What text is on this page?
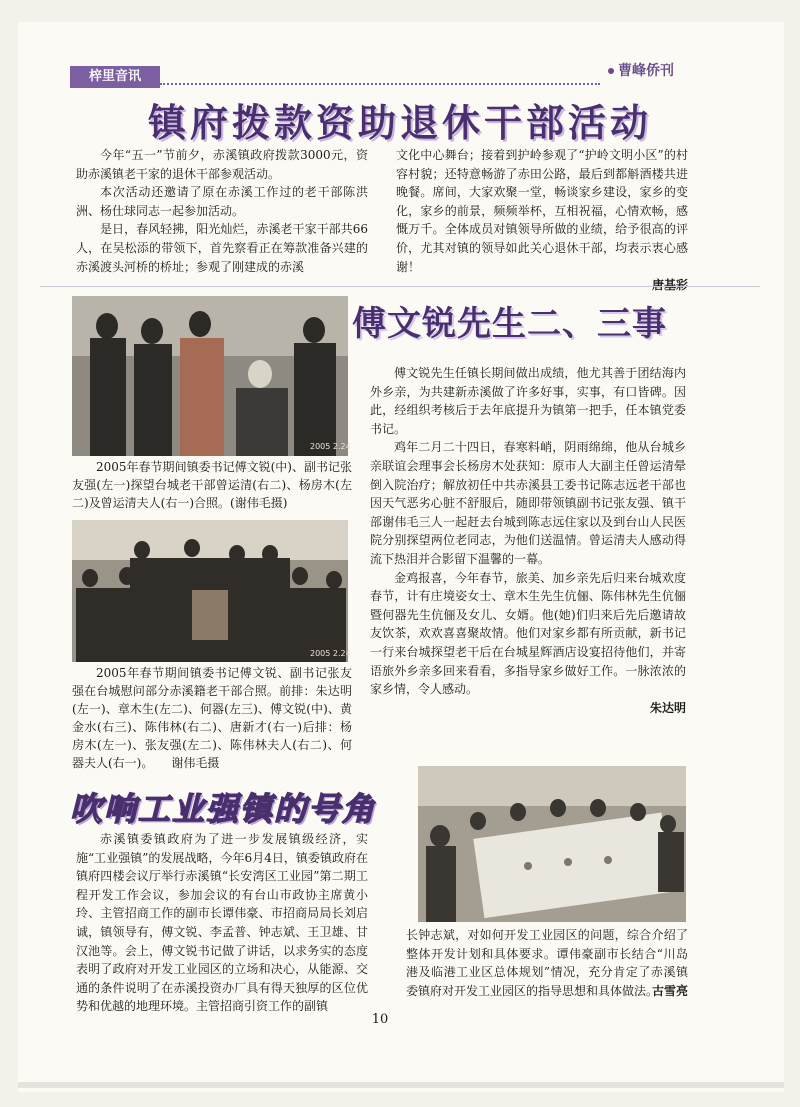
梓里音讯	曹峰侨刊
镇府拨款资助退休干部活动

今年“五一”节前夕，赤溪镇政府拨款3000元，资助赤溪镇老干家的退休干部参观活动。

本次活动还邀请了原在赤溪工作过的老干部陈洪洲、杨仕球同志一起参加活动。

是日，春风轻拂，阳光灿烂，赤溪老干家干部共66人，在吴松添的带领下，首先察看正在筹款准备兴建的赤溪渡头河桥的桥址；参观了刚建成的赤溪

文化中心舞台；接着到护岭参观了“护岭文明小区”的村容村貌；还特意畅游了赤田公路，最后到都斛酒楼共进晚餐。席间，大家欢聚一堂，畅谈家乡建设，家乡的变化，家乡的前景，频频举杯，互相祝福，心情欢畅，感慨万千。全体成员对镇领导所做的业绩，给予很高的评价，尤其对镇的领导如此关心退休干部，均表示衷心感谢！

唐基彩
2005 2.24

2005年春节期间镇委书记傅文锐(中)、副书记张友强(左一)探望台城老干部曾运清(右二)、杨房木(左二)及曾运清夫人(右一)合照。(谢伟毛摄)

2005 2.24

2005年春节期间镇委书记傅文锐、副书记张友强在台城慰问部分赤溪籍老干部合照。前排：朱达明(左一)、章木生(左二)、何器(左三)、傅文锐(中)、黄金水(右三)、陈伟林(右二)、唐新才(右一)后排：杨房木(左一)、张友强(左二)、陈伟林夫人(右二)、何器夫人(右一)。　　谢伟毛摄

傅文锐先生二、三事

傅文锐先生任镇长期间做出成绩，他尤其善于团结海内外乡亲，为共建新赤溪做了许多好事，实事，有口皆碑。因此，经组织考核后于去年底提升为镇第一把手，任本镇党委书记。

鸡年二月二十四日，春寒料峭，阴雨绵绵，他从台城乡亲联谊会理事会长杨房木处获知：原市人大副主任曾运清晕倒入院治疗；解放初任中共赤溪县工委书记陈志远老干部也因天气恶劣心脏不舒服后，随即带领镇副书记张友强、镇干部谢伟毛三人一起赶去台城到陈志远住家以及到台山人民医院分别探望两位老同志，为他们送温情。曾运清夫人感动得流下热泪并合影留下温馨的一幕。

金鸡报喜，今年春节，旅美、加乡亲先后归来台城欢度春节，计有庄境姿女士、章木生先生伉俪、陈伟林先生伉俪暨何器先生伉俪及女儿、女婿。他(她)们归来后先后邀请故友饮茶，欢欢喜喜聚故情。他们对家乡都有所贡献，新书记一行来台城探望老干后在台城星辉酒店设宴招待他们，并寄语旅外乡亲多回来看看，多指导家乡做好工作。一脉浓浓的家乡情，令人感动。

朱达明
吹响工业强镇的号角

赤溪镇委镇政府为了进一步发展镇级经济，实施“工业强镇”的发展战略，今年6月4日，镇委镇政府在镇府四楼会议厅举行赤溪镇“长安湾区工业园”第二期工程开发工作会议，参加会议的有台山市政协主席黄小玲、主管招商工作的副市长谭伟豪、市招商局局长刘启诚，镇领导有，傅文锐、李孟普、钟志斌、王卫雄、甘汉池等。会上，傅文锐书记做了讲话，以求务实的态度表明了政府对开发工业园区的立场和决心，从能源、交通的条件说明了在赤溪投资办厂具有得天独厚的区位优势和优越的地理环境。主管招商引资工作的副镇

长钟志斌，对如何开发工业园区的问题，综合介绍了整体开发计划和具体要求。谭伟豪副市长结合“川岛港及临港工业区总体规划”情况，充分肯定了赤溪镇委镇府对开发工业园区的指导思想和具体做法。

古雪亮
10
